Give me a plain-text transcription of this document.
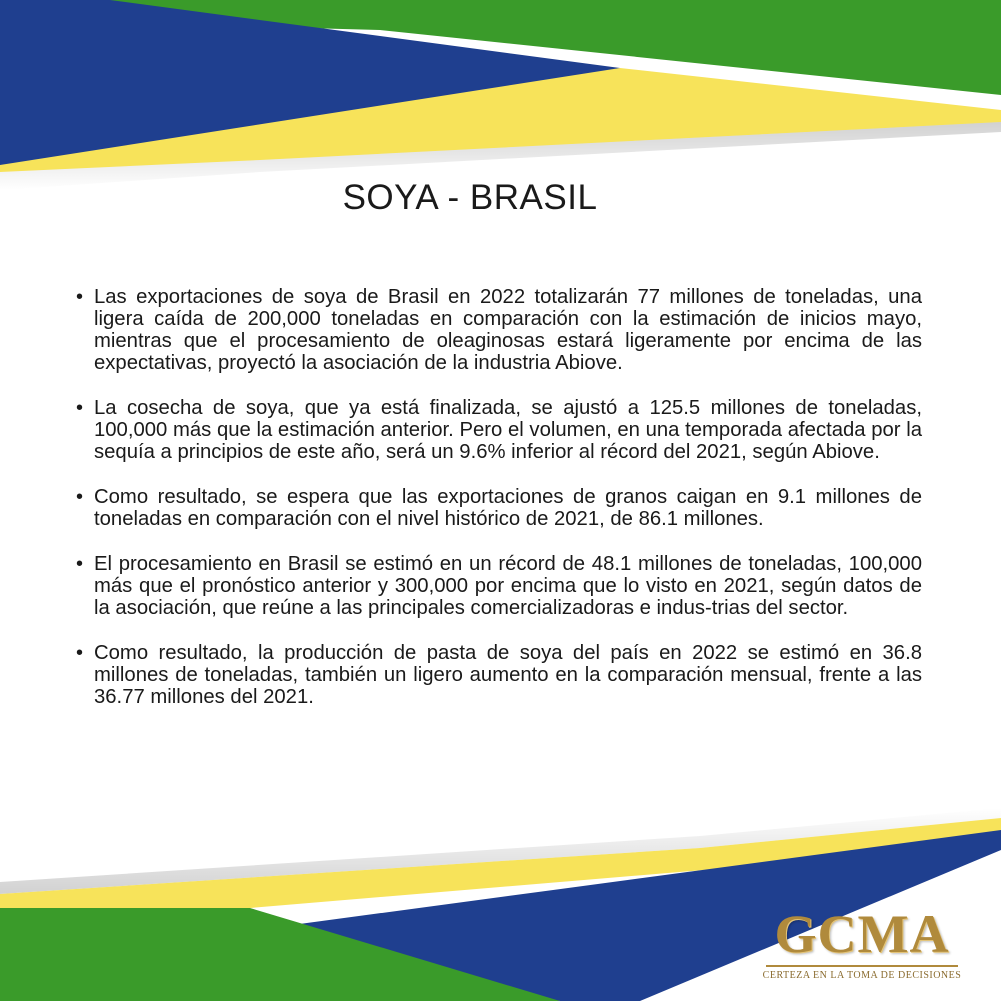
SOYA - BRASIL
• Las exportaciones de soya de Brasil en 2022 totalizarán 77 millones de toneladas, una ligera caída de 200,000 toneladas en comparación con la estimación de inicios mayo, mientras que el procesamiento de oleaginosas estará ligeramente por encima de las expectativas, proyectó la asociación de la industria Abiove.
• La cosecha de soya, que ya está finalizada, se ajustó a 125.5 millones de toneladas, 100,000 más que la estimación anterior. Pero el volumen, en una temporada afectada por la sequía a principios de este año, será un 9.6% inferior al récord del 2021, según Abiove.
• Como resultado, se espera que las exportaciones de granos caigan en 9.1 millones de toneladas en comparación con el nivel histórico de 2021, de 86.1 millones.
• El procesamiento en Brasil se estimó en un récord de 48.1 millones de toneladas, 100,000 más que el pronóstico anterior y 300,000 por encima que lo visto en 2021, según datos de la asociación, que reúne a las principales comercializadoras e indus-trias del sector.
• Como resultado, la producción de pasta de soya del país en 2022 se estimó en 36.8 millones de toneladas, también un ligero aumento en la comparación mensual, frente a las 36.77 millones del 2021.
GCMA
CERTEZA EN LA TOMA DE DECISIONES
